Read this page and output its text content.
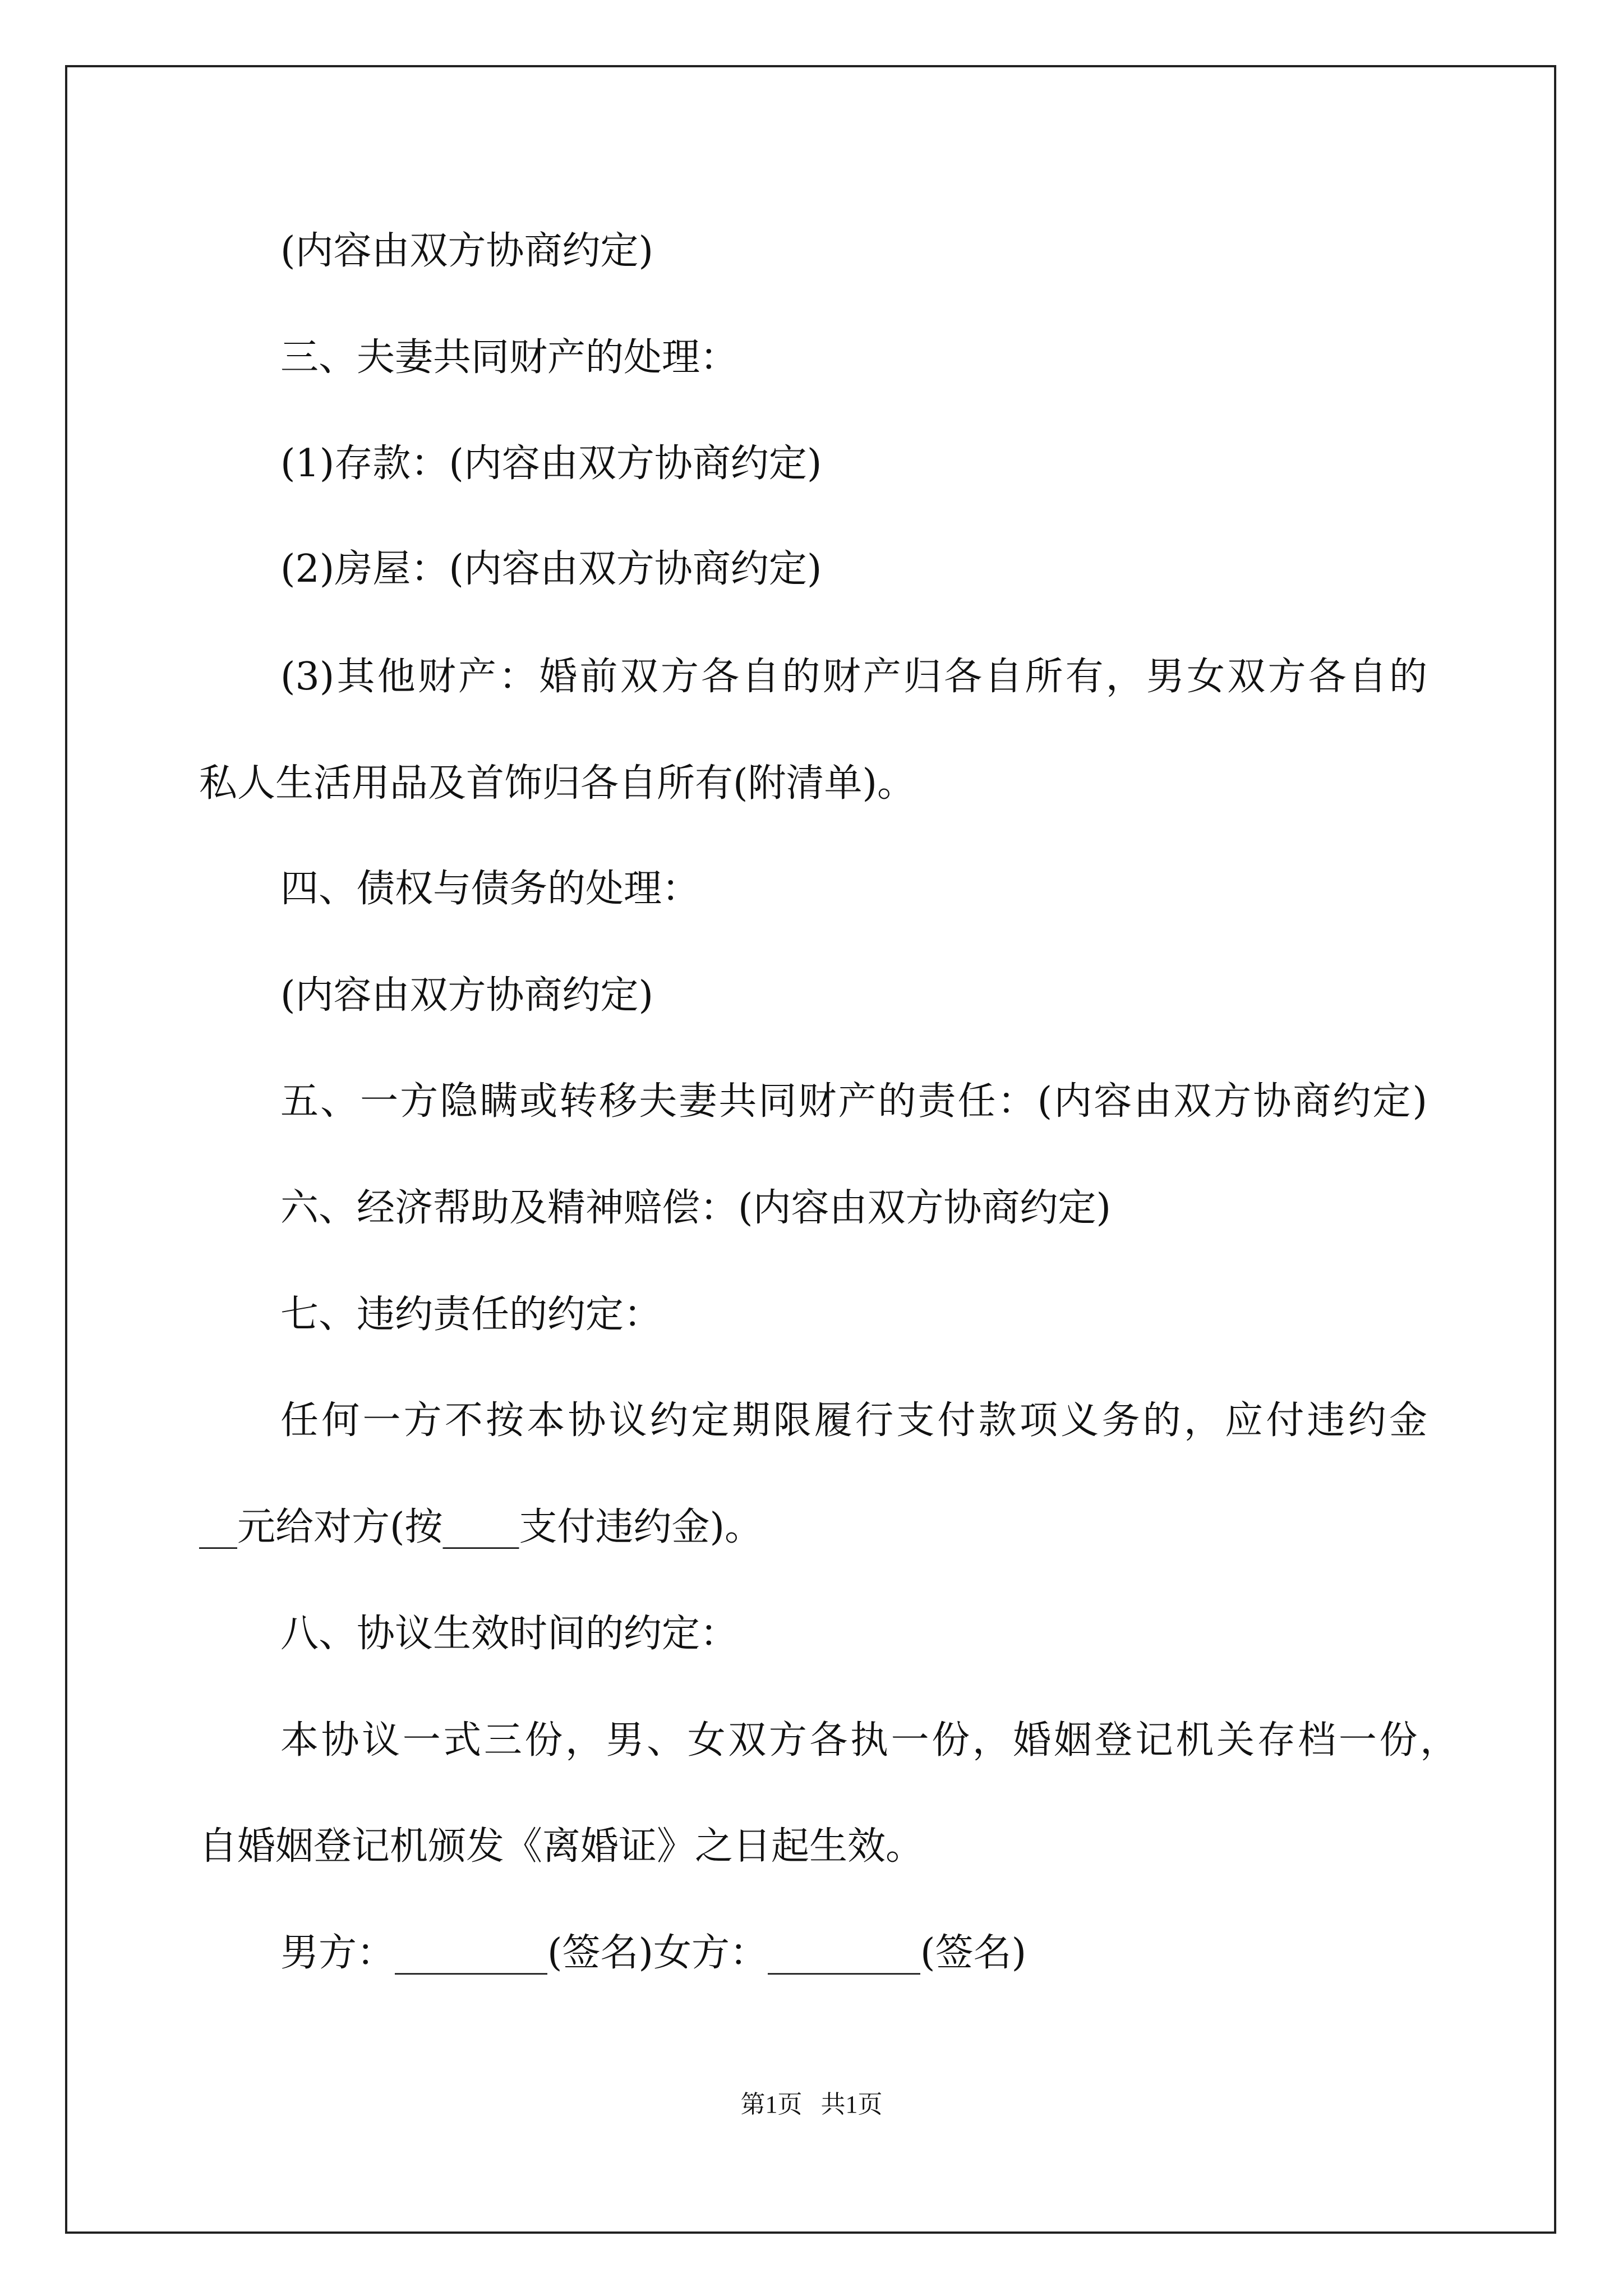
(内容由双方协商约定)
三、夫妻共同财产的处理：
(1)存款：(内容由双方协商约定)
(2)房屋：(内容由双方协商约定)
(3)其他财产：婚前双方各自的财产归各自所有，男女双方各自的
私人生活用品及首饰归各自所有(附清单)。
四、债权与债务的处理：
(内容由双方协商约定)
五、一方隐瞒或转移夫妻共同财产的责任：(内容由双方协商约定)
六、经济帮助及精神赔偿：(内容由双方协商约定)
七、违约责任的约定：
任何一方不按本协议约定期限履行支付款项义务的，应付违约金
__元给对方(按____支付违约金)。
八、协议生效时间的约定：
本协议一式三份，男、女双方各执一份，婚姻登记机关存档一份，
自婚姻登记机颁发《离婚证》之日起生效。
男方：________(签名)女方：________(签名)
第1页   共1页
